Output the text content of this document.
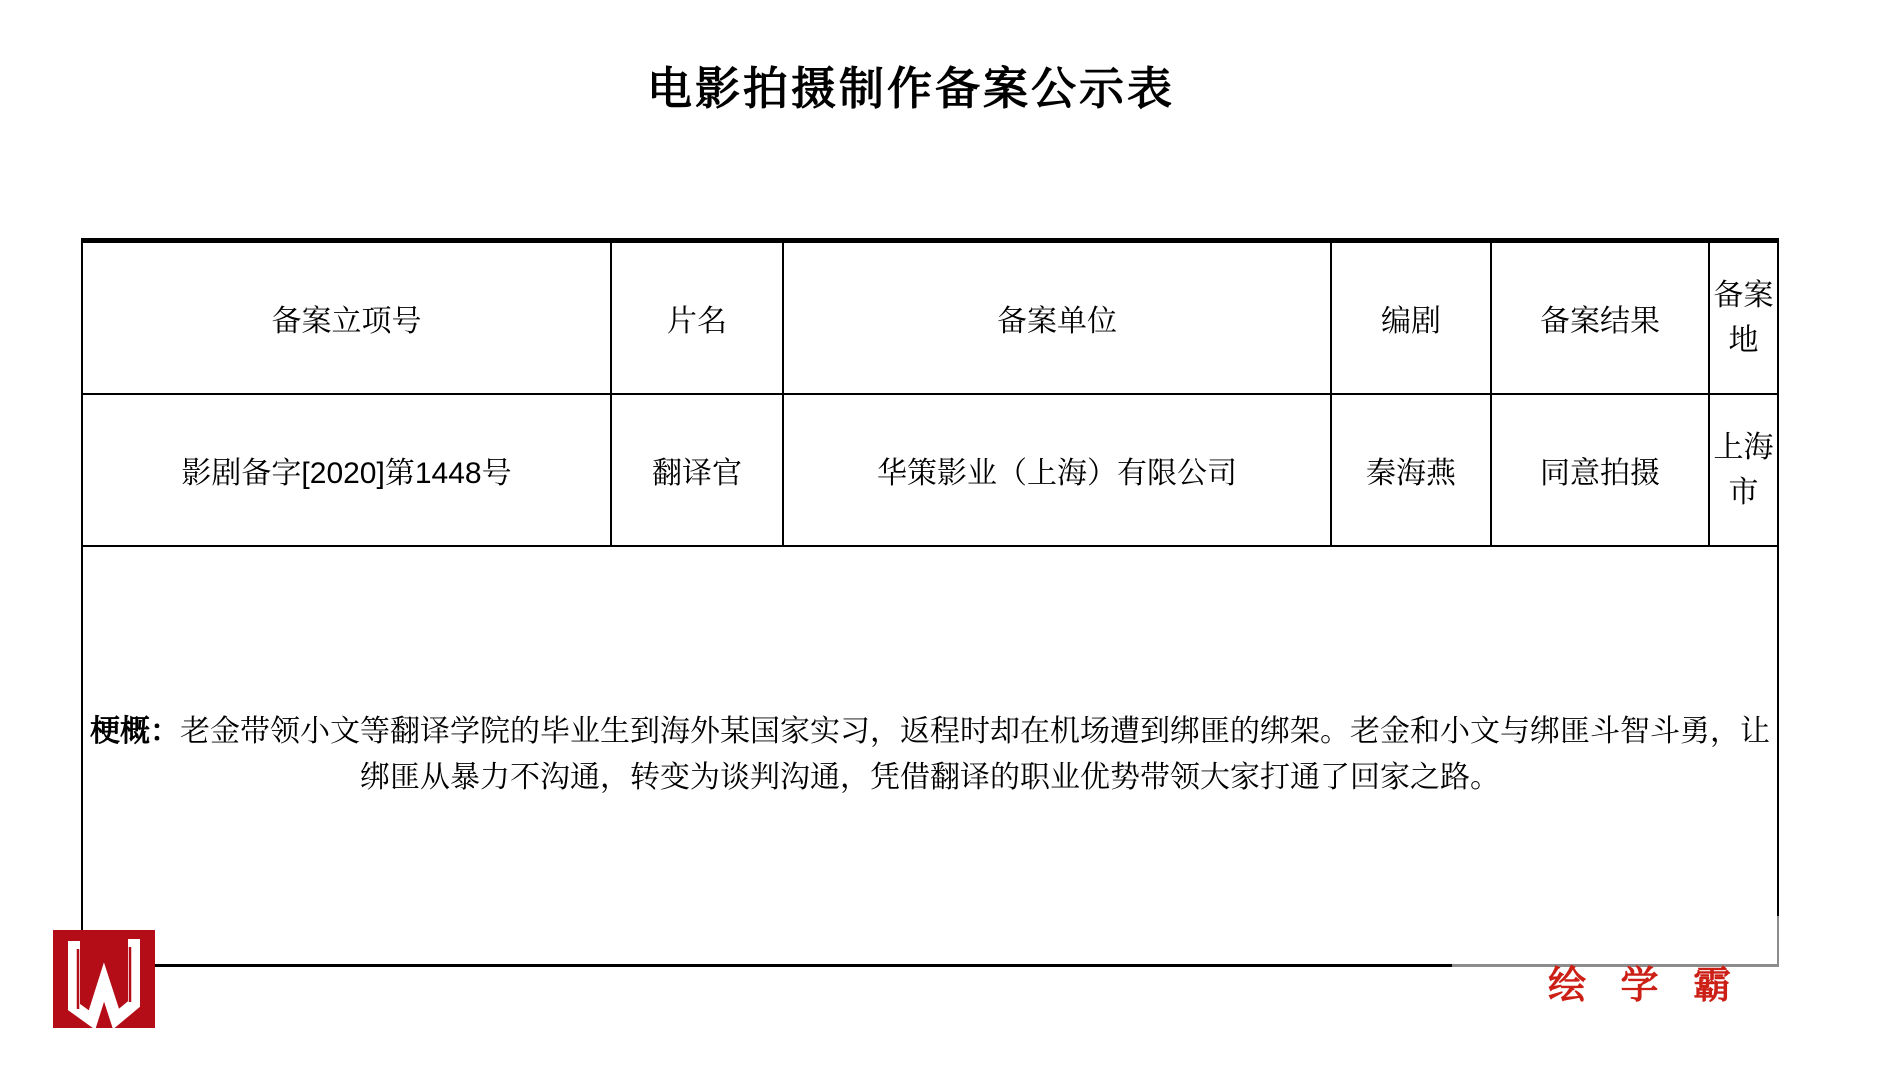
电影拍摄制作备案公示表
备案立项号	片名	备案单位	编剧	备案结果	备案地
影剧备字[2020]第1448号	翻译官	华策影业（上海）有限公司	秦海燕	同意拍摄	上海市
梗概：老金带领小文等翻译学院的毕业生到海外某国家实习，返程时却在机场遭到绑匪的绑架。老金和小文与绑匪斗智斗勇，让绑匪从暴力不沟通，转变为谈判沟通，凭借翻译的职业优势带领大家打通了回家之路。					
绘 学 霸
